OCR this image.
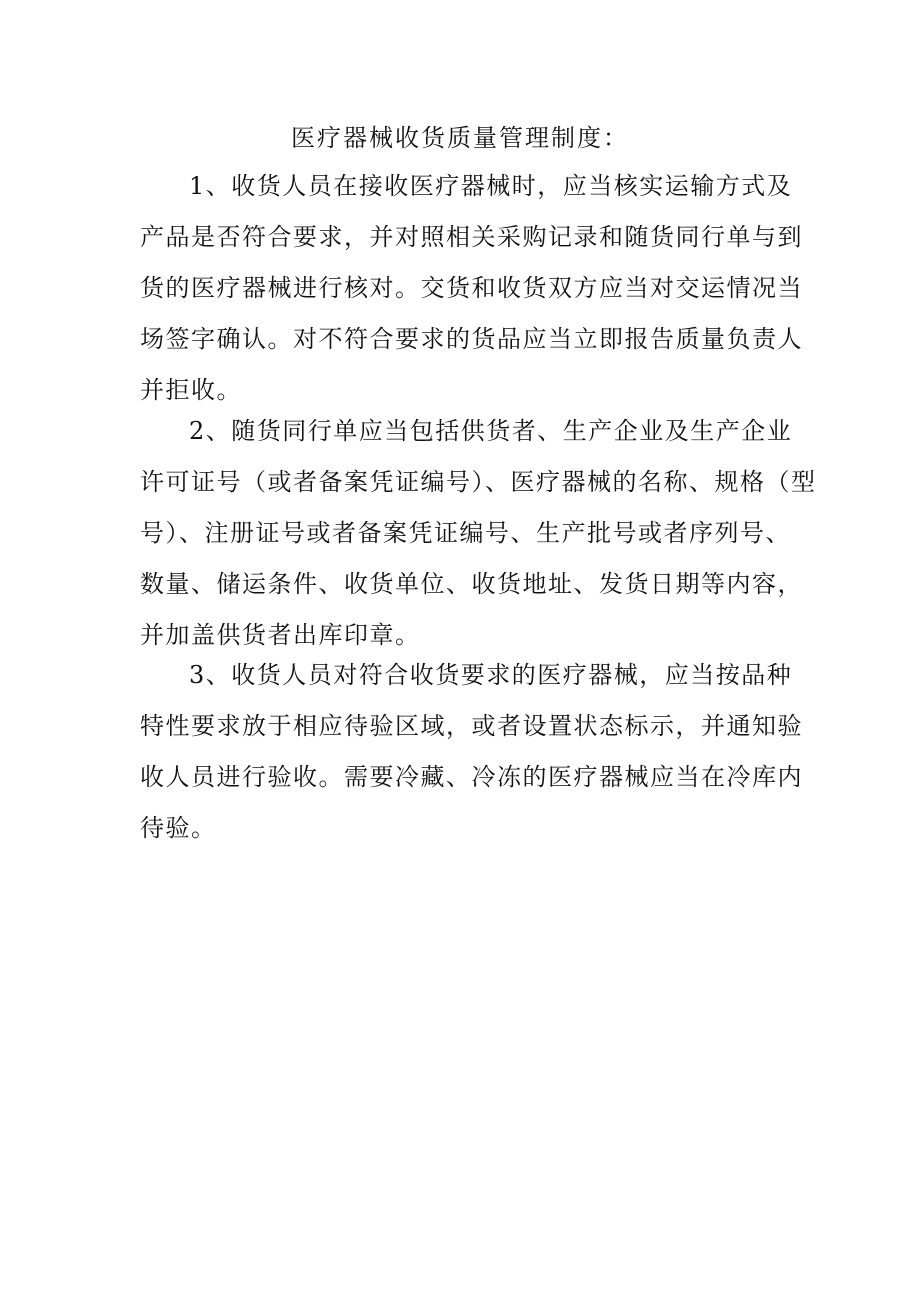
医疗器械收货质量管理制度：
1、收货人员在接收医疗器械时，应当核实运输方式及
产品是否符合要求，并对照相关采购记录和随货同行单与到
货的医疗器械进行核对。交货和收货双方应当对交运情况当
场签字确认。对不符合要求的货品应当立即报告质量负责人
并拒收。
2、随货同行单应当包括供货者、生产企业及生产企业
许可证号（或者备案凭证编号）、医疗器械的名称、规格（型
号）、注册证号或者备案凭证编号、生产批号或者序列号、
数量、储运条件、收货单位、收货地址、发货日期等内容，
并加盖供货者出库印章。
3、收货人员对符合收货要求的医疗器械，应当按品种
特性要求放于相应待验区域，或者设置状态标示，并通知验
收人员进行验收。需要冷藏、冷冻的医疗器械应当在冷库内
待验。
